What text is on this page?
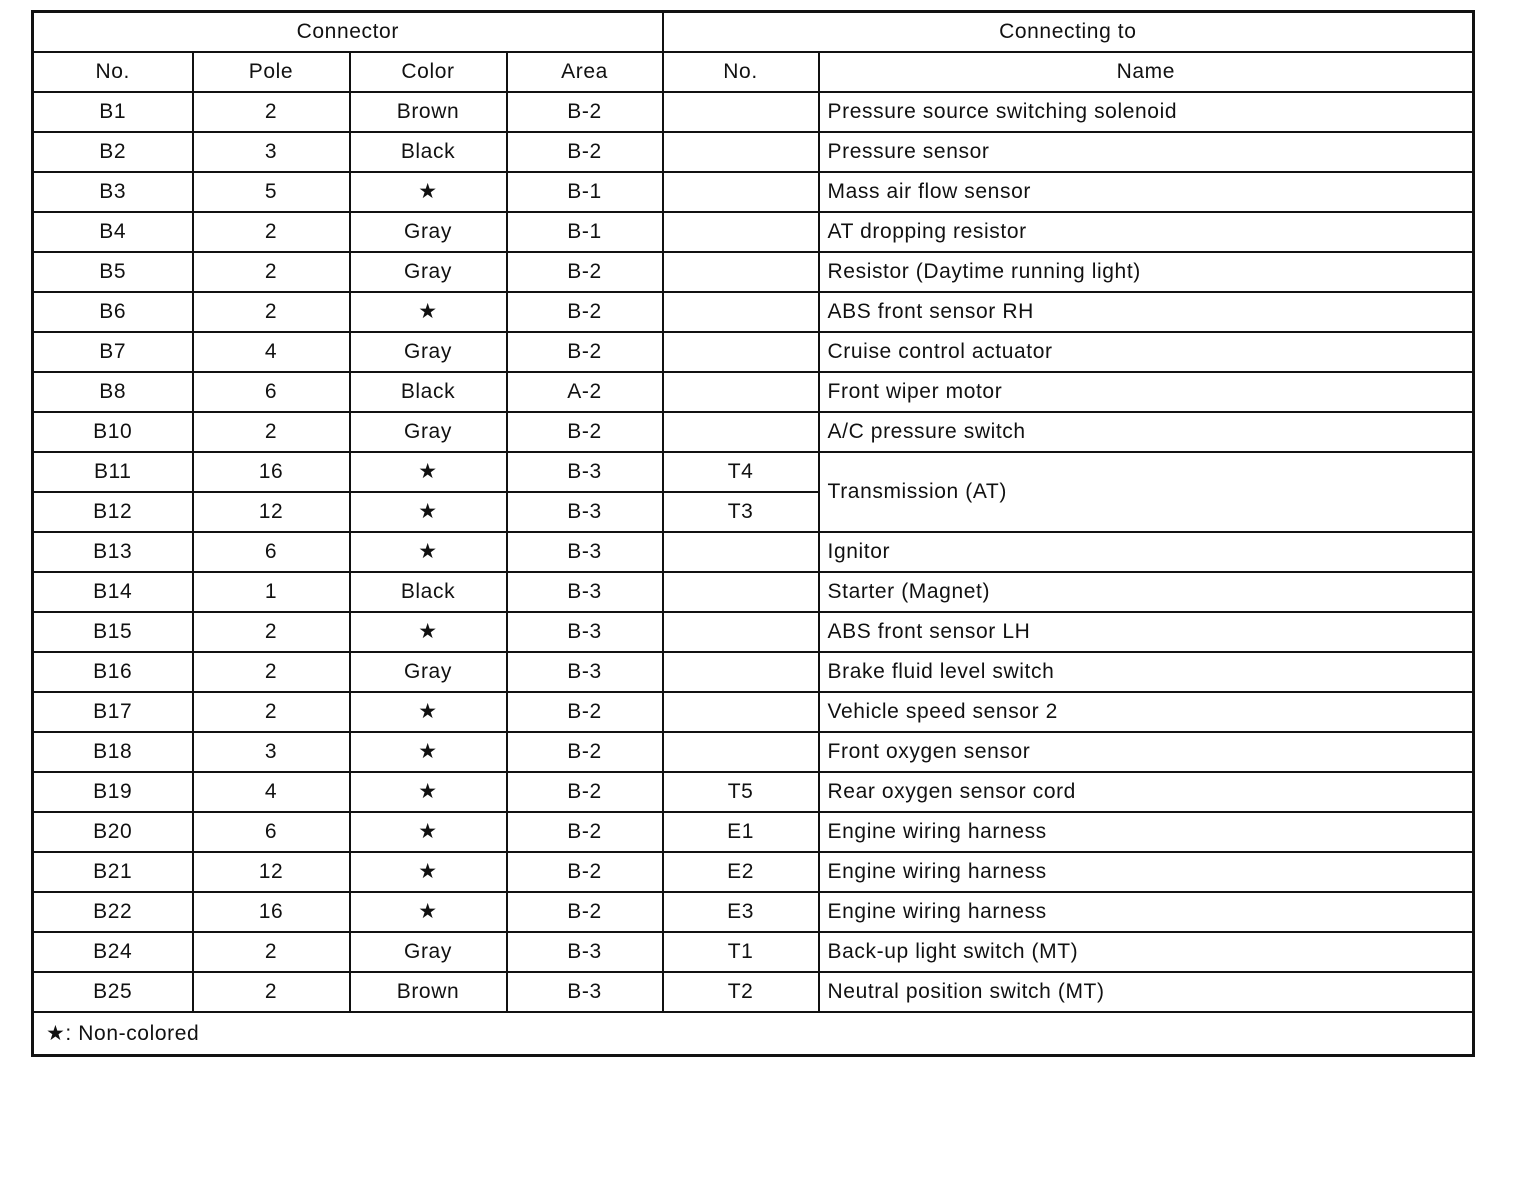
Connector				Connecting to	
No.	Pole	Color	Area	No.	Name
B1	2	Brown	B-2		Pressure source switching solenoid
B2	3	Black	B-2		Pressure sensor
B3	5	★	B-1		Mass air flow sensor
B4	2	Gray	B-1		AT dropping resistor
B5	2	Gray	B-2		Resistor (Daytime running light)
B6	2	★	B-2		ABS front sensor RH
B7	4	Gray	B-2		Cruise control actuator
B8	6	Black	A-2		Front wiper motor
B10	2	Gray	B-2		A/C pressure switch
B11	16	★	B-3	T4	Transmission (AT)
B12	12	★	B-3	T3	
B13	6	★	B-3		Ignitor
B14	1	Black	B-3		Starter (Magnet)
B15	2	★	B-3		ABS front sensor LH
B16	2	Gray	B-3		Brake fluid level switch
B17	2	★	B-2		Vehicle speed sensor 2
B18	3	★	B-2		Front oxygen sensor
B19	4	★	B-2	T5	Rear oxygen sensor cord
B20	6	★	B-2	E1	Engine wiring harness
B21	12	★	B-2	E2	Engine wiring harness
B22	16	★	B-2	E3	Engine wiring harness
B24	2	Gray	B-3	T1	Back-up light switch (MT)
B25	2	Brown	B-3	T2	Neutral position switch (MT)
★: Non-colored					
